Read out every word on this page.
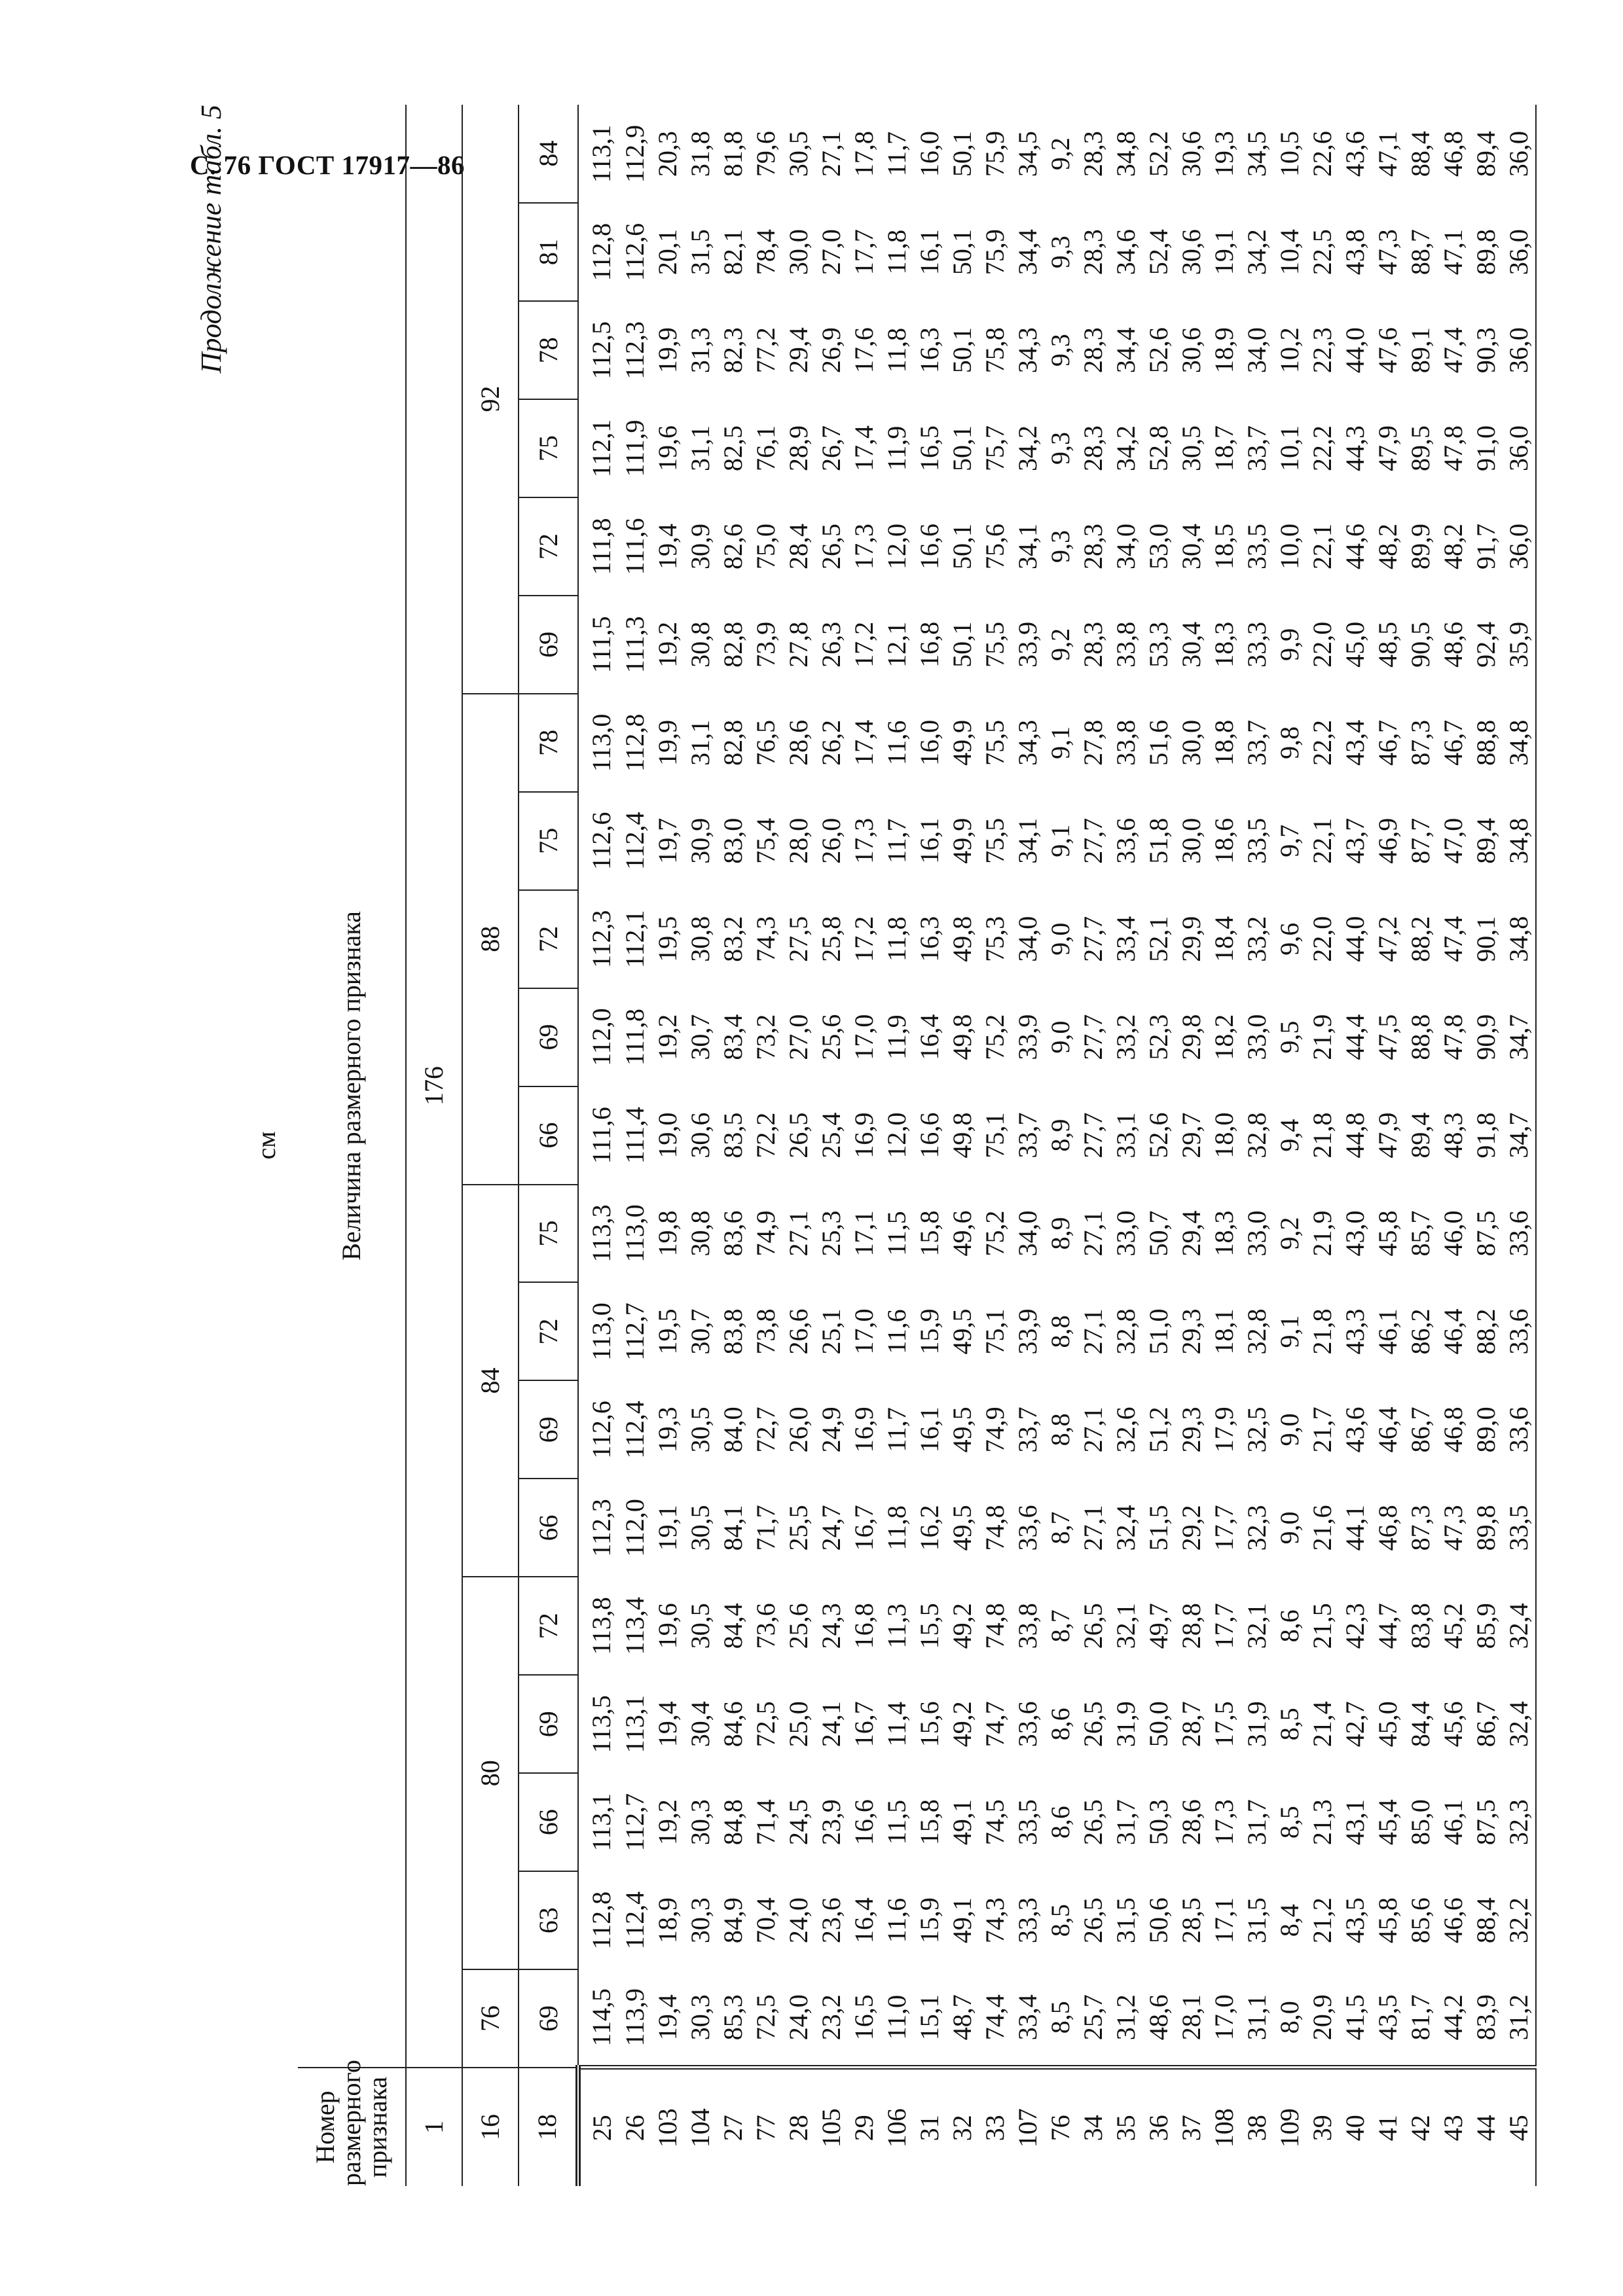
С. 76 ГОСТ 17917—86
Продолжение табл. 5
см
Номер размерного признака	Величина размерного признака																			
1	176																			
16	76	80				84				88					92					
18	69	63	66	69	72	66	69	72	75	66	69	72	75	78	69	72	75	78	81	84
25	114,5	112,8	113,1	113,5	113,8	112,3	112,6	113,0	113,3	111,6	112,0	112,3	112,6	113,0	111,5	111,8	112,1	112,5	112,8	113,1
26	113,9	112,4	112,7	113,1	113,4	112,0	112,4	112,7	113,0	111,4	111,8	112,1	112,4	112,8	111,3	111,6	111,9	112,3	112,6	112,9
103	19,4	18,9	19,2	19,4	19,6	19,1	19,3	19,5	19,8	19,0	19,2	19,5	19,7	19,9	19,2	19,4	19,6	19,9	20,1	20,3
104	30,3	30,3	30,3	30,4	30,5	30,5	30,5	30,7	30,8	30,6	30,7	30,8	30,9	31,1	30,8	30,9	31,1	31,3	31,5	31,8
27	85,3	84,9	84,8	84,6	84,4	84,1	84,0	83,8	83,6	83,5	83,4	83,2	83,0	82,8	82,8	82,6	82,5	82,3	82,1	81,8
77	72,5	70,4	71,4	72,5	73,6	71,7	72,7	73,8	74,9	72,2	73,2	74,3	75,4	76,5	73,9	75,0	76,1	77,2	78,4	79,6
28	24,0	24,0	24,5	25,0	25,6	25,5	26,0	26,6	27,1	26,5	27,0	27,5	28,0	28,6	27,8	28,4	28,9	29,4	30,0	30,5
105	23,2	23,6	23,9	24,1	24,3	24,7	24,9	25,1	25,3	25,4	25,6	25,8	26,0	26,2	26,3	26,5	26,7	26,9	27,0	27,1
29	16,5	16,4	16,6	16,7	16,8	16,7	16,9	17,0	17,1	16,9	17,0	17,2	17,3	17,4	17,2	17,3	17,4	17,6	17,7	17,8
106	11,0	11,6	11,5	11,4	11,3	11,8	11,7	11,6	11,5	12,0	11,9	11,8	11,7	11,6	12,1	12,0	11,9	11,8	11,8	11,7
31	15,1	15,9	15,8	15,6	15,5	16,2	16,1	15,9	15,8	16,6	16,4	16,3	16,1	16,0	16,8	16,6	16,5	16,3	16,1	16,0
32	48,7	49,1	49,1	49,2	49,2	49,5	49,5	49,5	49,6	49,8	49,8	49,8	49,9	49,9	50,1	50,1	50,1	50,1	50,1	50,1
33	74,4	74,3	74,5	74,7	74,8	74,8	74,9	75,1	75,2	75,1	75,2	75,3	75,5	75,5	75,5	75,6	75,7	75,8	75,9	75,9
107	33,4	33,3	33,5	33,6	33,8	33,6	33,7	33,9	34,0	33,7	33,9	34,0	34,1	34,3	33,9	34,1	34,2	34,3	34,4	34,5
76	8,5	8,5	8,6	8,6	8,7	8,7	8,8	8,8	8,9	8,9	9,0	9,0	9,1	9,1	9,2	9,3	9,3	9,3	9,3	9,2
34	25,7	26,5	26,5	26,5	26,5	27,1	27,1	27,1	27,1	27,7	27,7	27,7	27,7	27,8	28,3	28,3	28,3	28,3	28,3	28,3
35	31,2	31,5	31,7	31,9	32,1	32,4	32,6	32,8	33,0	33,1	33,2	33,4	33,6	33,8	33,8	34,0	34,2	34,4	34,6	34,8
36	48,6	50,6	50,3	50,0	49,7	51,5	51,2	51,0	50,7	52,6	52,3	52,1	51,8	51,6	53,3	53,0	52,8	52,6	52,4	52,2
37	28,1	28,5	28,6	28,7	28,8	29,2	29,3	29,3	29,4	29,7	29,8	29,9	30,0	30,0	30,4	30,4	30,5	30,6	30,6	30,6
108	17,0	17,1	17,3	17,5	17,7	17,7	17,9	18,1	18,3	18,0	18,2	18,4	18,6	18,8	18,3	18,5	18,7	18,9	19,1	19,3
38	31,1	31,5	31,7	31,9	32,1	32,3	32,5	32,8	33,0	32,8	33,0	33,2	33,5	33,7	33,3	33,5	33,7	34,0	34,2	34,5
109	8,0	8,4	8,5	8,5	8,6	9,0	9,0	9,1	9,2	9,4	9,5	9,6	9,7	9,8	9,9	10,0	10,1	10,2	10,4	10,5
39	20,9	21,2	21,3	21,4	21,5	21,6	21,7	21,8	21,9	21,8	21,9	22,0	22,1	22,2	22,0	22,1	22,2	22,3	22,5	22,6
40	41,5	43,5	43,1	42,7	42,3	44,1	43,6	43,3	43,0	44,8	44,4	44,0	43,7	43,4	45,0	44,6	44,3	44,0	43,8	43,6
41	43,5	45,8	45,4	45,0	44,7	46,8	46,4	46,1	45,8	47,9	47,5	47,2	46,9	46,7	48,5	48,2	47,9	47,6	47,3	47,1
42	81,7	85,6	85,0	84,4	83,8	87,3	86,7	86,2	85,7	89,4	88,8	88,2	87,7	87,3	90,5	89,9	89,5	89,1	88,7	88,4
43	44,2	46,6	46,1	45,6	45,2	47,3	46,8	46,4	46,0	48,3	47,8	47,4	47,0	46,7	48,6	48,2	47,8	47,4	47,1	46,8
44	83,9	88,4	87,5	86,7	85,9	89,8	89,0	88,2	87,5	91,8	90,9	90,1	89,4	88,8	92,4	91,7	91,0	90,3	89,8	89,4
45	31,2	32,2	32,3	32,4	32,4	33,5	33,6	33,6	33,6	34,7	34,7	34,8	34,8	34,8	35,9	36,0	36,0	36,0	36,0	36,0
